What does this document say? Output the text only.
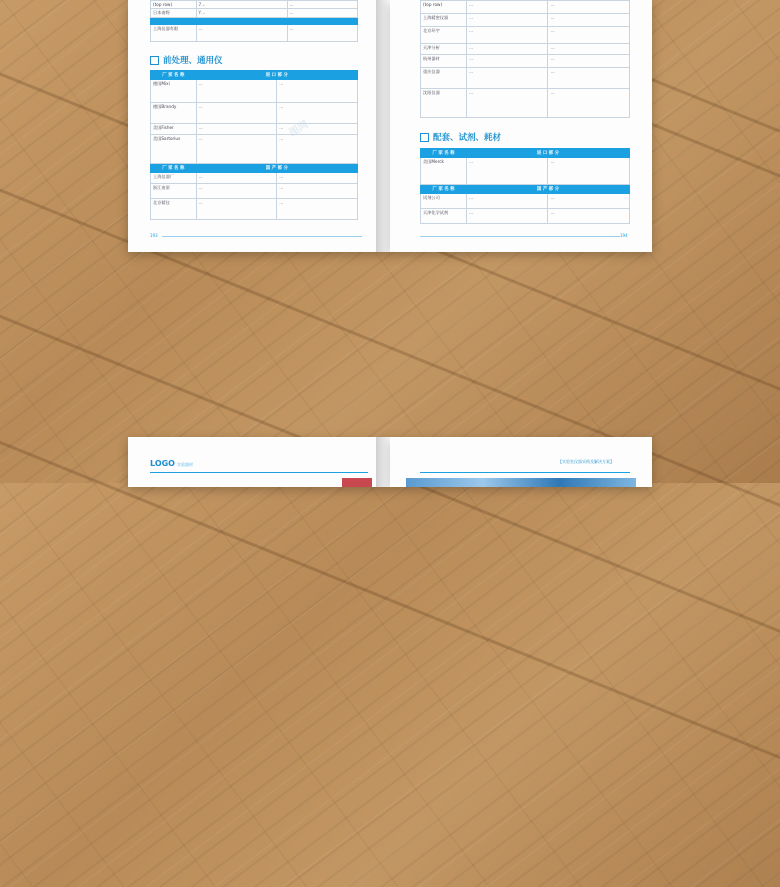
(top row)	7…	…
日本南野	Y…	…

上海仪器有限	…	…
前处理、通用仪
厂 家 名 称	进 口 部 分	
德国Mixi	…	…
德国Brandy	…	…
美国Fisher	…	…
美国Sartorius	…	…
厂 家 名 称	国 产 部 分	
上海仪器厂	…	…
浙江南原	…	…
北京精仪	…	…
193
图网
(top row)	…	…
上海精密仪器	…	…
北京环宇	…	…
天津分析	…	…
杭州器材	…	…
重庆仪器	…	…
沈阳仪器	…	…
配套、试剂、耗材
厂 家 名 称	进 口 部 分	
美国Merck	…	…
厂 家 名 称	国 产 部 分	
试剂公司	…	…
天津化学试剂	…	…
194
LOGO 实验器材
【实验室仪器采购及解决方案】
